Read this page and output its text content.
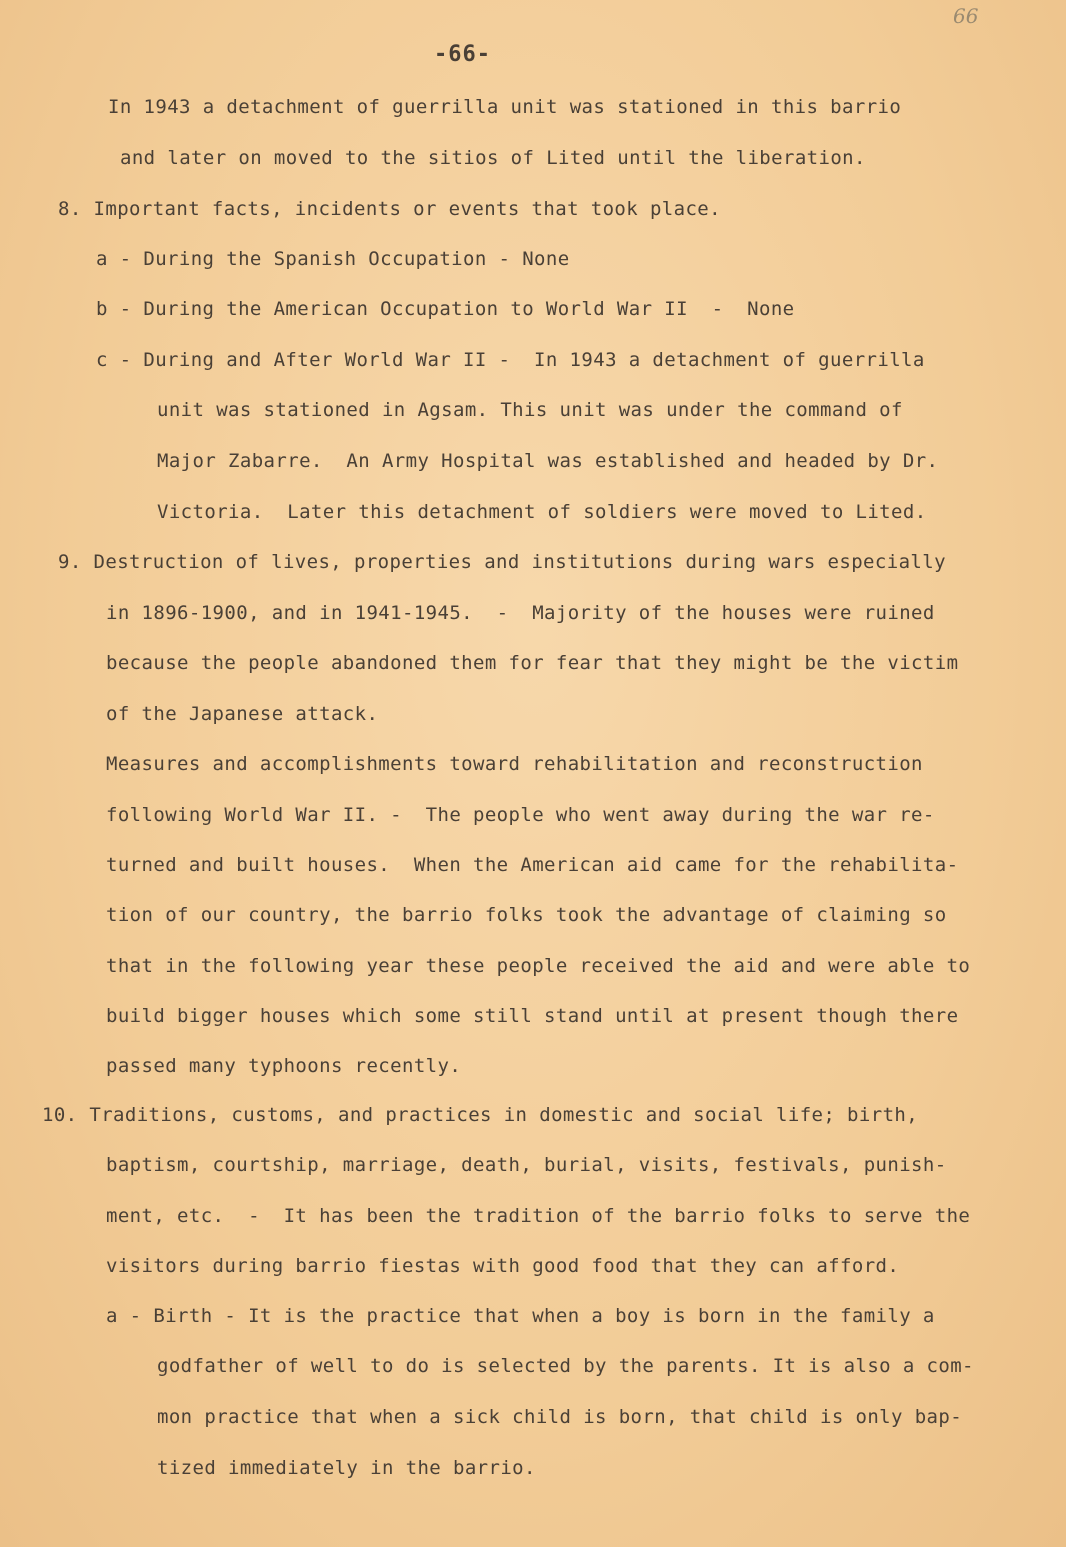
-66-
66
In 1943 a detachment of guerrilla unit was stationed in this barrio
and later on moved to the sitios of Lited until the liberation.
8. Important facts, incidents or events that took place.
a - During the Spanish Occupation - None
b - During the American Occupation to World War II  -  None
c - During and After World War II -  In 1943 a detachment of guerrilla
unit was stationed in Agsam. This unit was under the command of
Major Zabarre.  An Army Hospital was established and headed by Dr.
Victoria.  Later this detachment of soldiers were moved to Lited.
9. Destruction of lives, properties and institutions during wars especially
in 1896-1900, and in 1941-1945.  -  Majority of the houses were ruined
because the people abandoned them for fear that they might be the victim
of the Japanese attack.
Measures and accomplishments toward rehabilitation and reconstruction
following World War II. -  The people who went away during the war re-
turned and built houses.  When the American aid came for the rehabilita-
tion of our country, the barrio folks took the advantage of claiming so
that in the following year these people received the aid and were able to
build bigger houses which some still stand until at present though there
passed many typhoons recently.
10. Traditions, customs, and practices in domestic and social life; birth,
baptism, courtship, marriage, death, burial, visits, festivals, punish-
ment, etc.  -  It has been the tradition of the barrio folks to serve the
visitors during barrio fiestas with good food that they can afford.
a - Birth - It is the practice that when a boy is born in the family a
godfather of well to do is selected by the parents. It is also a com-
mon practice that when a sick child is born, that child is only bap-
tized immediately in the barrio.
